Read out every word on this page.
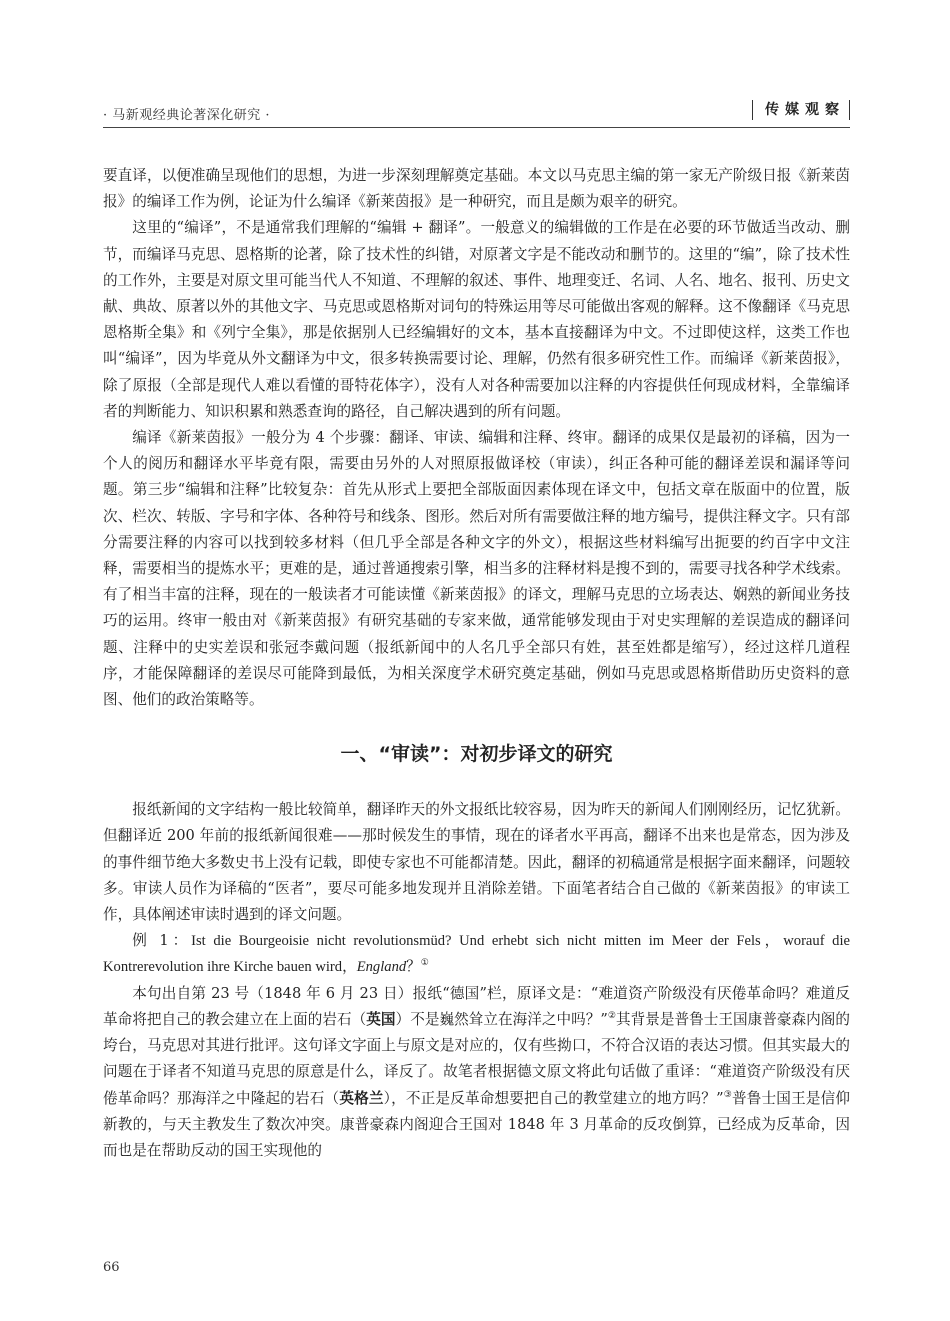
· 马新观经典论著深化研究 ·	传媒观察

要直译，以便准确呈现他们的思想，为进一步深刻理解奠定基础。本文以马克思主编的第一家无产阶级日报《新莱茵报》的编译工作为例，论证为什么编译《新莱茵报》是一种研究，而且是颇为艰辛的研究。

这里的“编译”，不是通常我们理解的“编辑 + 翻译”。一般意义的编辑做的工作是在必要的环节做适当改动、删节，而编译马克思、恩格斯的论著，除了技术性的纠错，对原著文字是不能改动和删节的。这里的“编”，除了技术性的工作外，主要是对原文里可能当代人不知道、不理解的叙述、事件、地理变迁、名词、人名、地名、报刊、历史文献、典故、原著以外的其他文字、马克思或恩格斯对词句的特殊运用等尽可能做出客观的解释。这不像翻译《马克思恩格斯全集》和《列宁全集》，那是依据别人已经编辑好的文本，基本直接翻译为中文。不过即使这样，这类工作也叫“编译”，因为毕竟从外文翻译为中文，很多转换需要讨论、理解，仍然有很多研究性工作。而编译《新莱茵报》，除了原报（全部是现代人难以看懂的哥特花体字），没有人对各种需要加以注释的内容提供任何现成材料，全靠编译者的判断能力、知识积累和熟悉查询的路径，自己解决遇到的所有问题。

编译《新莱茵报》一般分为 4 个步骤：翻译、审读、编辑和注释、终审。翻译的成果仅是最初的译稿，因为一个人的阅历和翻译水平毕竟有限，需要由另外的人对照原报做译校（审读），纠正各种可能的翻译差误和漏译等问题。第三步“编辑和注释”比较复杂：首先从形式上要把全部版面因素体现在译文中，包括文章在版面中的位置，版次、栏次、转版、字号和字体、各种符号和线条、图形。然后对所有需要做注释的地方编号，提供注释文字。只有部分需要注释的内容可以找到较多材料（但几乎全部是各种文字的外文），根据这些材料编写出扼要的约百字中文注释，需要相当的提炼水平；更难的是，通过普通搜索引擎，相当多的注释材料是搜不到的，需要寻找各种学术线索。有了相当丰富的注释，现在的一般读者才可能读懂《新莱茵报》的译文，理解马克思的立场表达、娴熟的新闻业务技巧的运用。终审一般由对《新莱茵报》有研究基础的专家来做，通常能够发现由于对史实理解的差误造成的翻译问题、注释中的史实差误和张冠李戴问题（报纸新闻中的人名几乎全部只有姓，甚至姓都是缩写），经过这样几道程序，才能保障翻译的差误尽可能降到最低，为相关深度学术研究奠定基础，例如马克思或恩格斯借助历史资料的意图、他们的政治策略等。

一、“审读”：对初步译文的研究

报纸新闻的文字结构一般比较简单，翻译昨天的外文报纸比较容易，因为昨天的新闻人们刚刚经历，记忆犹新。但翻译近 200 年前的报纸新闻很难——那时候发生的事情，现在的译者水平再高，翻译不出来也是常态，因为涉及的事件细节绝大多数史书上没有记载，即使专家也不可能都清楚。因此，翻译的初稿通常是根据字面来翻译，问题较多。审读人员作为译稿的“医者”，要尽可能多地发现并且消除差错。下面笔者结合自己做的《新莱茵报》的审读工作，具体阐述审读时遇到的译文问题。

例 1：Ist die Bourgeoisie nicht revolutionsmüd? Und erhebt sich nicht mitten im Meer der Fels，worauf die Kontrerevolution ihre Kirche bauen wird，England？①

本句出自第 23 号（1848 年 6 月 23 日）报纸“德国”栏，原译文是：“难道资产阶级没有厌倦革命吗？难道反革命将把自己的教会建立在上面的岩石（英国）不是巍然耸立在海洋之中吗？”②其背景是普鲁士王国康普豪森内阁的垮台，马克思对其进行批评。这句译文字面上与原文是对应的，仅有些拗口，不符合汉语的表达习惯。但其实最大的问题在于译者不知道马克思的原意是什么，译反了。故笔者根据德文原文将此句话做了重译：“难道资产阶级没有厌倦革命吗？那海洋之中隆起的岩石（英格兰），不正是反革命想要把自己的教堂建立的地方吗？”③普鲁士国王是信仰新教的，与天主教发生了数次冲突。康普豪森内阁迎合王国对 1848 年 3 月革命的反攻倒算，已经成为反革命，因而也是在帮助反动的国王实现他的

66
